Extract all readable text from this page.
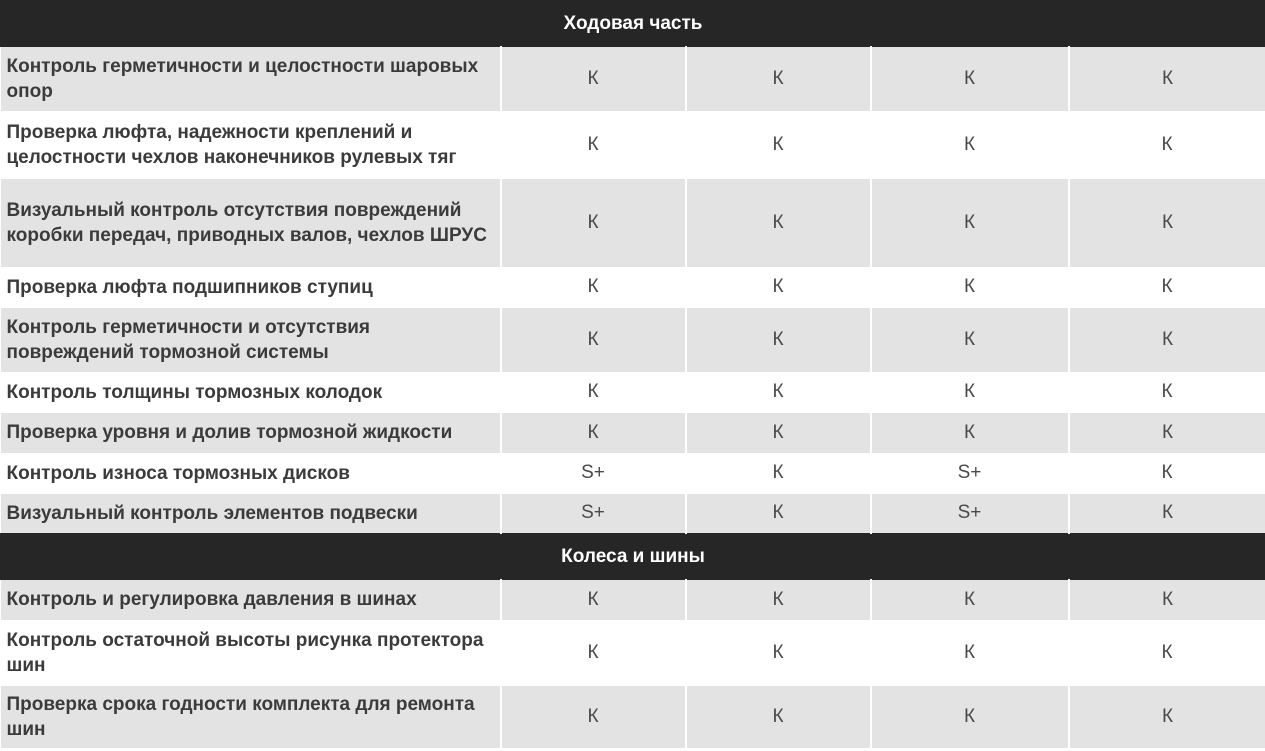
Ходовая часть				
Контроль герметичности и целостности шаровых опор	К	К	К	К
Проверка люфта, надежности креплений и целостности чехлов наконечников рулевых тяг	К	К	К	К
Визуальный контроль отсутствия повреждений коробки передач, приводных валов, чехлов ШРУС	К	К	К	К
Проверка люфта подшипников ступиц	К	К	К	К
Контроль герметичности и отсутствия повреждений тормозной системы	К	К	К	К
Контроль толщины тормозных колодок	К	К	К	К
Проверка уровня и долив тормозной жидкости	К	К	К	К
Контроль износа тормозных дисков	S+	К	S+	К
Визуальный контроль элементов подвески	S+	К	S+	К
Колеса и шины				
Контроль и регулировка давления в шинах	К	К	К	К
Контроль остаточной высоты рисунка протектора шин	К	К	К	К
Проверка срока годности комплекта для ремонта шин	К	К	К	К
